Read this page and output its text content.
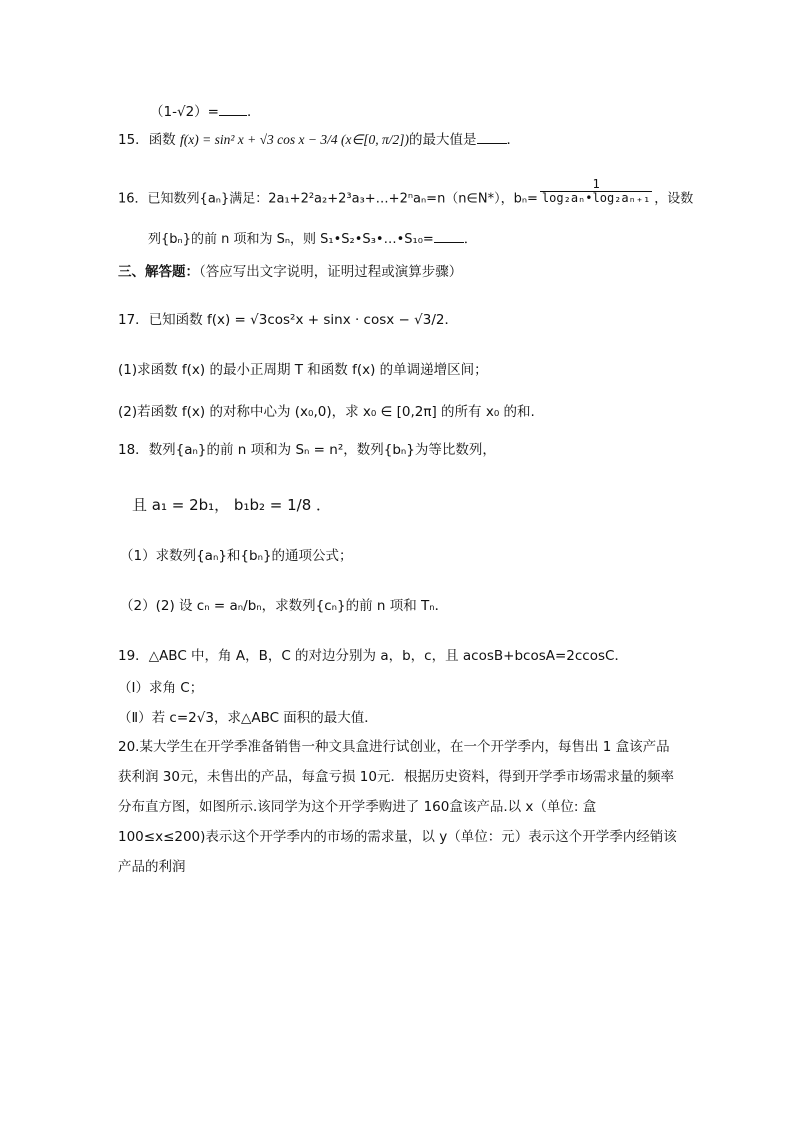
（1-√2）= ．
15．函数 f(x) = sin² x + √3 cos x − 3/4 (x∈[0, π/2])的最大值是 ．
16．已知数列{aₙ}满足：2a₁+2²a₂+2³a₃+…+2ⁿaₙ=n（n∈N*），$b_n= \frac{1}{\text{log₂aₙ•log₂aₙ₊₁}}$ ，设数
列{bₙ}的前 n 项和为 Sₙ，则 S₁•S₂•S₃•…•S₁₀= ．
三、解答题：（答应写出文字说明，证明过程或演算步骤）
17．已知函数 f(x) = √3cos²x + sinx · cosx − √3/2．
(1)求函数 f(x) 的最小正周期 T 和函数 f(x) 的单调递增区间；
(2)若函数 f(x) 的对称中心为 (x₀,0)，求 x₀ ∈ [0,2π] 的所有 x₀ 的和.
18．数列{aₙ}的前 n 项和为 Sₙ = n²，数列{bₙ}为等比数列，
且 a₁ = 2b₁， b₁b₂ = 1/8 ．
（1）求数列{aₙ}和{bₙ}的通项公式；
（2）(2) 设 cₙ = aₙ/bₙ，求数列{cₙ}的前 n 项和 Tₙ．
19．△ABC 中，角 A，B，C 的对边分别为 a，b，c，且 acosB+bcosA=2ccosC．
（Ⅰ）求角 C；
（Ⅱ）若 c=2√3，求△ABC 面积的最大值．
20.某大学生在开学季准备销售一种文具盒进行试创业，在一个开学季内，每售出 1 盒该产品获利润 30元，未售出的产品，每盒亏损 10元．根据历史资料，得到开学季市场需求量的频率分布直方图，如图所示.该同学为这个开学季购进了 160盒该产品.以 x（单位: 盒 100≤x≤200)表示这个开学季内的市场的需求量，以 y（单位：元）表示这个开学季内经销该产品的利润
